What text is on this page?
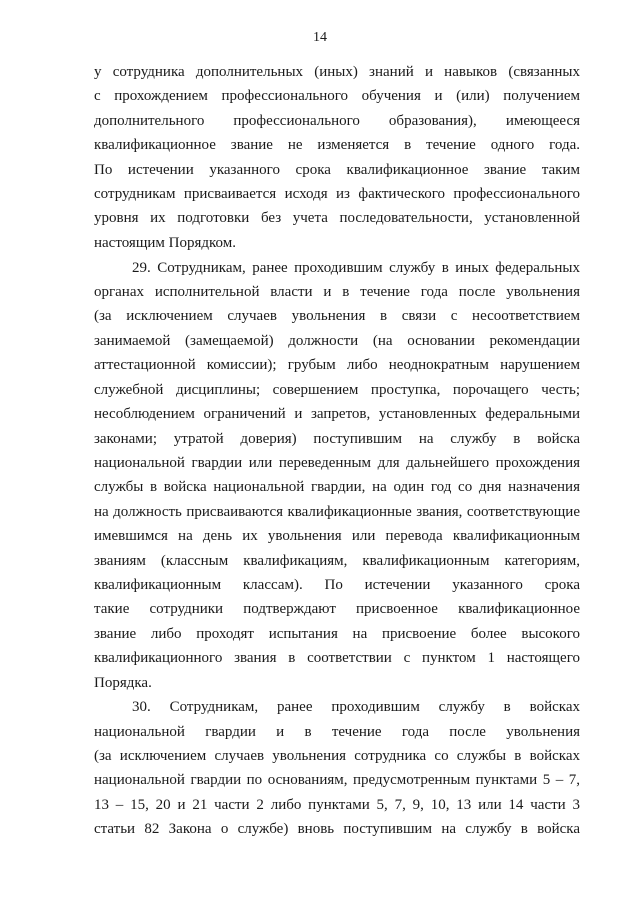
14
у сотрудника дополнительных (иных) знаний и навыков (связанных
с прохождением профессионального обучения и (или) получением
дополнительного профессионального образования), имеющееся
квалификационное звание не изменяется в течение одного года.
По истечении указанного срока квалификационное звание таким
сотрудникам присваивается исходя из фактического профессионального
уровня их подготовки без учета последовательности, установленной
настоящим Порядком.
29. Сотрудникам, ранее проходившим службу в иных федеральных
органах исполнительной власти и в течение года после увольнения
(за исключением случаев увольнения в связи с несоответствием
занимаемой (замещаемой) должности (на основании рекомендации
аттестационной комиссии); грубым либо неоднократным нарушением
служебной дисциплины; совершением проступка, порочащего честь;
несоблюдением ограничений и запретов, установленных федеральными
законами; утратой доверия) поступившим на службу в войска
национальной гвардии или переведенным для дальнейшего прохождения
службы в войска национальной гвардии, на один год со дня назначения
на должность присваиваются квалификационные звания, соответствующие
имевшимся на день их увольнения или перевода квалификационным
званиям (классным квалификациям, квалификационным категориям,
квалификационным классам). По истечении указанного срока
такие сотрудники подтверждают присвоенное квалификационное
звание либо проходят испытания на присвоение более высокого
квалификационного звания в соответствии с пунктом 1 настоящего
Порядка.
30. Сотрудникам, ранее проходившим службу в войсках
национальной гвардии и в течение года после увольнения
(за исключением случаев увольнения сотрудника со службы в войсках
национальной гвардии по основаниям, предусмотренным пунктами 5 – 7,
13 – 15, 20 и 21 части 2 либо пунктами 5, 7, 9, 10, 13 или 14 части 3
статьи 82 Закона о службе) вновь поступившим на службу в войска
